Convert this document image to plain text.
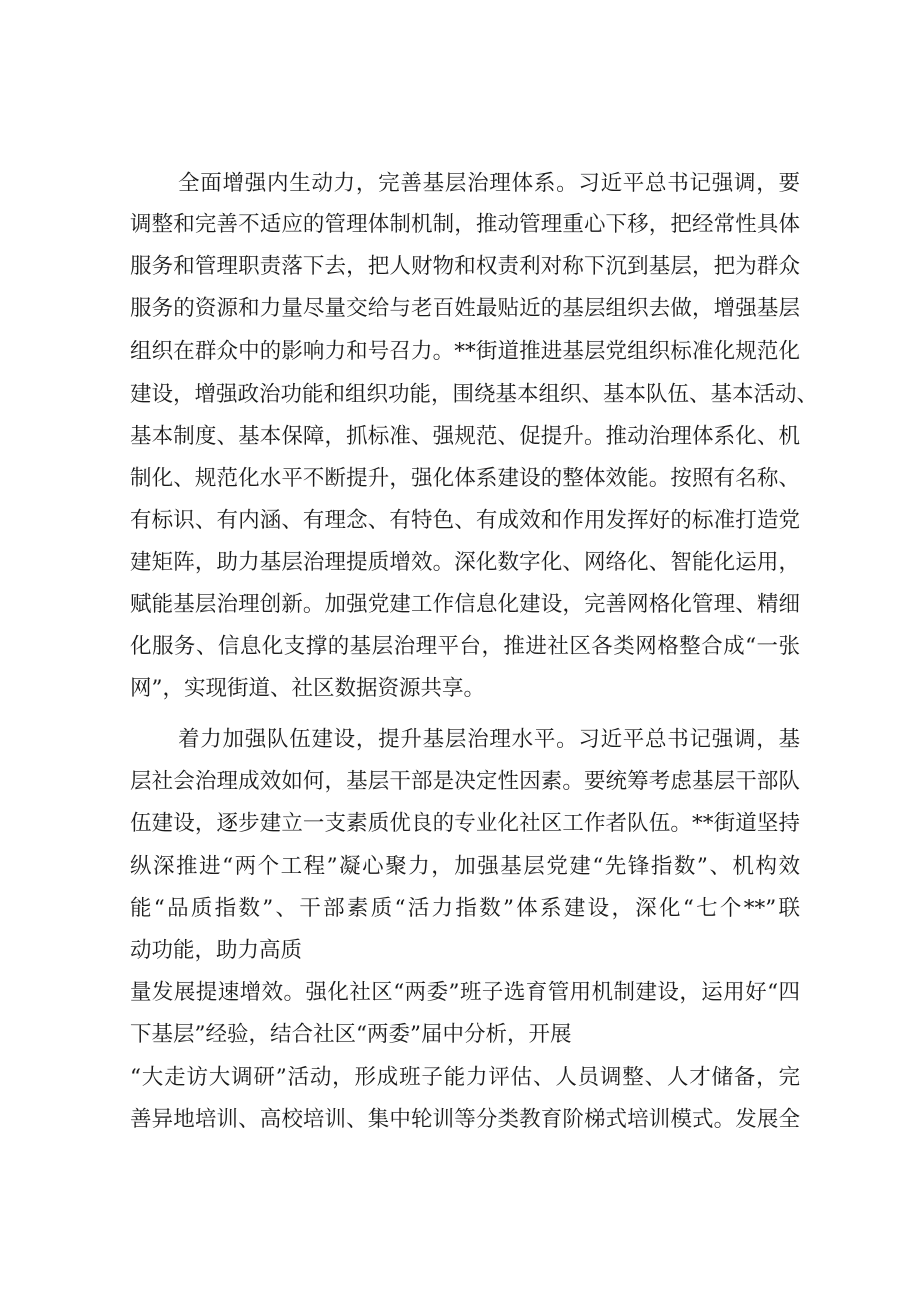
全面增强内生动力，完善基层治理体系。习近平总书记强调，要
调整和完善不适应的管理体制机制，推动管理重心下移，把经常性具体
服务和管理职责落下去，把人财物和权责利对称下沉到基层，把为群众
服务的资源和力量尽量交给与老百姓最贴近的基层组织去做，增强基层
组织在群众中的影响力和号召力。**街道推进基层党组织标准化规范化
建设，增强政治功能和组织功能，围绕基本组织、基本队伍、基本活动、
基本制度、基本保障，抓标准、强规范、促提升。推动治理体系化、机
制化、规范化水平不断提升，强化体系建设的整体效能。按照有名称、
有标识、有内涵、有理念、有特色、有成效和作用发挥好的标准打造党
建矩阵，助力基层治理提质增效。深化数字化、网络化、智能化运用，
赋能基层治理创新。加强党建工作信息化建设，完善网格化管理、精细
化服务、信息化支撑的基层治理平台，推进社区各类网格整合成“一张
网”，实现街道、社区数据资源共享。
着力加强队伍建设，提升基层治理水平。习近平总书记强调，基
层社会治理成效如何，基层干部是决定性因素。要统筹考虑基层干部队
伍建设，逐步建立一支素质优良的专业化社区工作者队伍。**街道坚持
纵深推进“两个工程”凝心聚力，加强基层党建“先锋指数”、机构效
能“品质指数”、干部素质“活力指数”体系建设，深化“七个**”联
动功能，助力高质
量发展提速增效。强化社区“两委”班子选育管用机制建设，运用好“四
下基层”经验，结合社区“两委”届中分析，开展
“大走访大调研”活动，形成班子能力评估、人员调整、人才储备，完
善异地培训、高校培训、集中轮训等分类教育阶梯式培训模式。发展全
